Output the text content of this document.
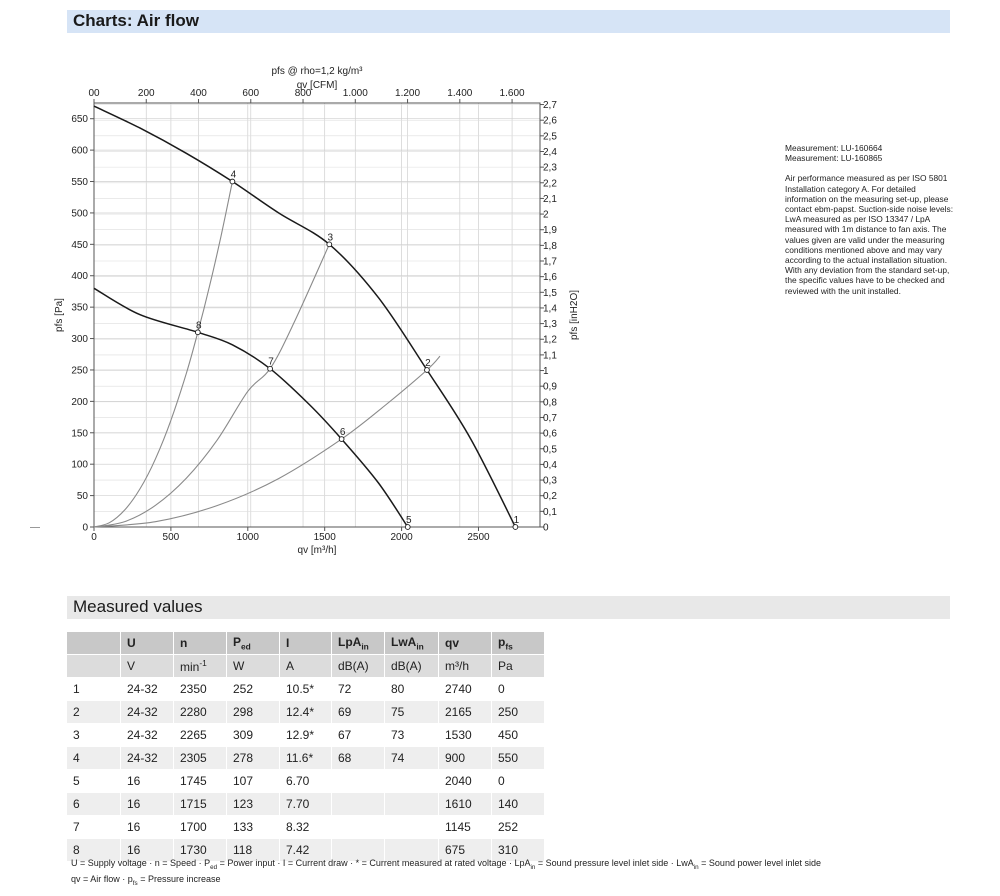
Charts: Air flow
0	500	1000	1500	2000	2500
00	200	400	600	800	1.000	1.200	1.400	1.600
0
50
100
150
200
250
300
350
400
450
500
550
600
650
0
0,1
0,2
0,3
0,4
0,5
0,6
0,7
0,8
0,9
1
1,1
1,2
1,3
1,4
1,5
1,6
1,7
1,8
1,9
2
2,1
2,2
2,3
2,4
2,5
2,6
2,7
pfs @ rho=1,2 kg/m³
qv [CFM]
qv [m³/h]
pfs [Pa]	pfs [inH2O]
1
2
3
4
5
6
7
8

Measurement: LU-160664

Measurement: LU-160865

Air performance measured as per ISO 5801 Installation category A. For detailed information on the measuring set-up, please contact ebm-papst. Suction-side noise levels: LwA measured as per ISO 13347 / LpA measured with 1m distance to fan axis. The values given are valid under the measuring conditions mentioned above and may vary according to the actual installation situation. With any deviation from the standard set-up, the specific values have to be checked and reviewed with the unit installed.

Measured values
	U	n	$P_{ed}$	I	LpA$_{in}$	LwA$_{in}$	qv	$p_{fs}$
	V	$\min^{-1}$	W	A	dB(A)	dB(A)	m³/h	Pa
1	24-32	2350	252	10.5*	72	80	2740	0
2	24-32	2280	298	12.4*	69	75	2165	250
3	24-32	2265	309	12.9*	67	73	1530	450
4	24-32	2305	278	11.6*	68	74	900	550
5	16	1745	107	6.70			2040	0
6	16	1715	123	7.70			1610	140
7	16	1700	133	8.32			1145	252
8	16	1730	118	7.42			675	310
U = Supply voltage · n = Speed · $P_{ed}$ = Power input · I = Current draw · * = Current measured at rated voltage · LpA$_{in}$ = Sound pressure level inlet side · LwA$_{in}$ = Sound power level inlet side
qv = Air flow · $p_{fs}$ = Pressure increase
